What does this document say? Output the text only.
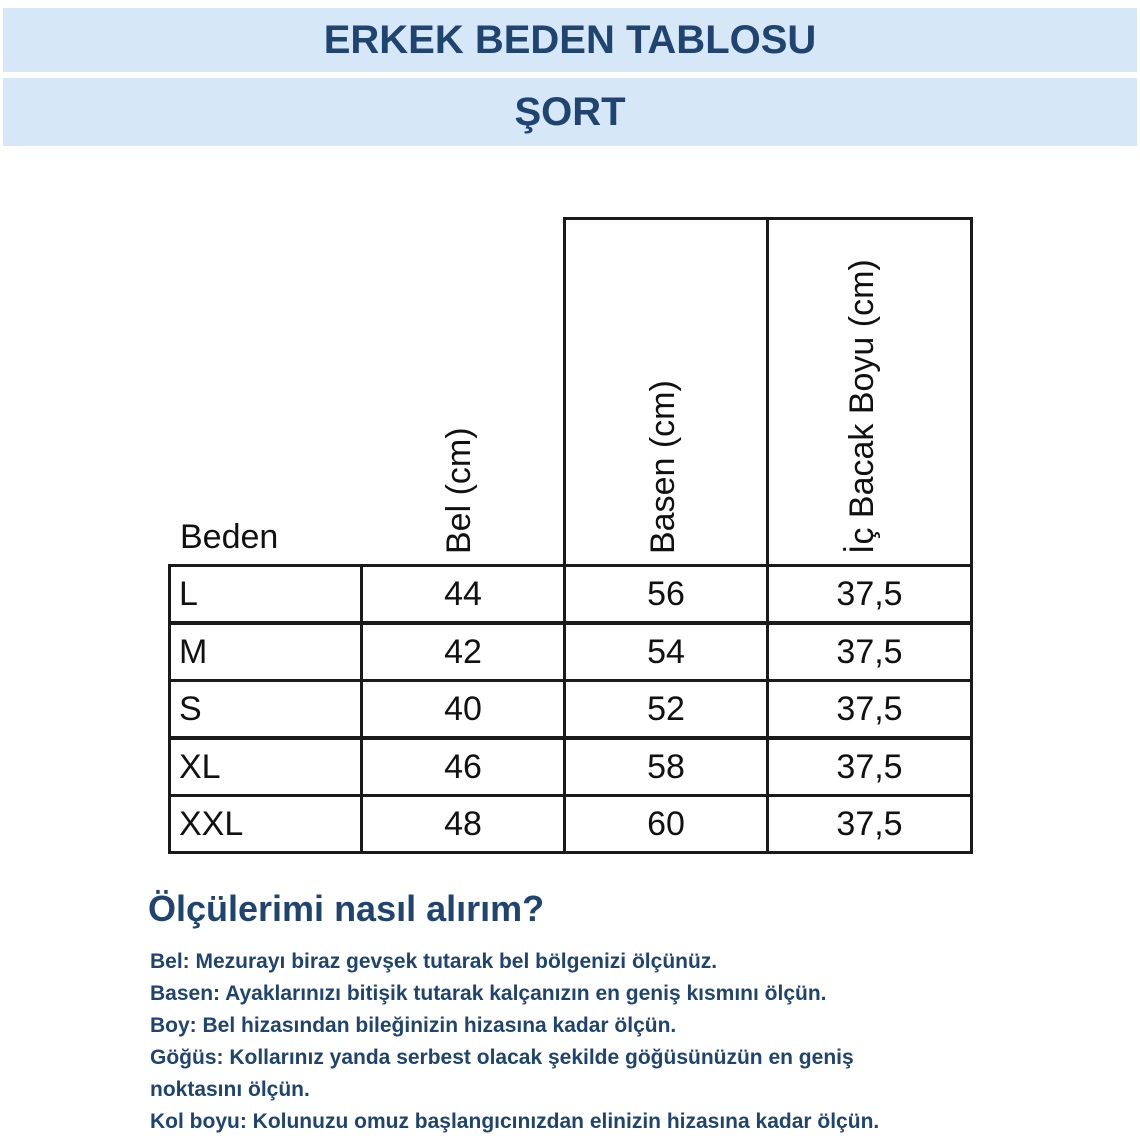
ERKEK BEDEN TABLOSU
ŞORT
Beden	Bel (cm)	Basen (cm)	İç Bacak Boyu (cm)
L	44	56	37,5
M	42	54	37,5
S	40	52	37,5
XL	46	58	37,5
XXL	48	60	37,5
Ölçülerimi nasıl alırım?
Bel: Mezurayı biraz gevşek tutarak bel bölgenizi ölçünüz.
Basen: Ayaklarınızı bitişik tutarak kalçanızın en geniş kısmını ölçün.
Boy: Bel hizasından bileğinizin hizasına kadar ölçün.
Göğüs: Kollarınız yanda serbest olacak şekilde göğüsünüzün en geniş
noktasını ölçün.
Kol boyu: Kolunuzu omuz başlangıcınızdan elinizin hizasına kadar ölçün.
